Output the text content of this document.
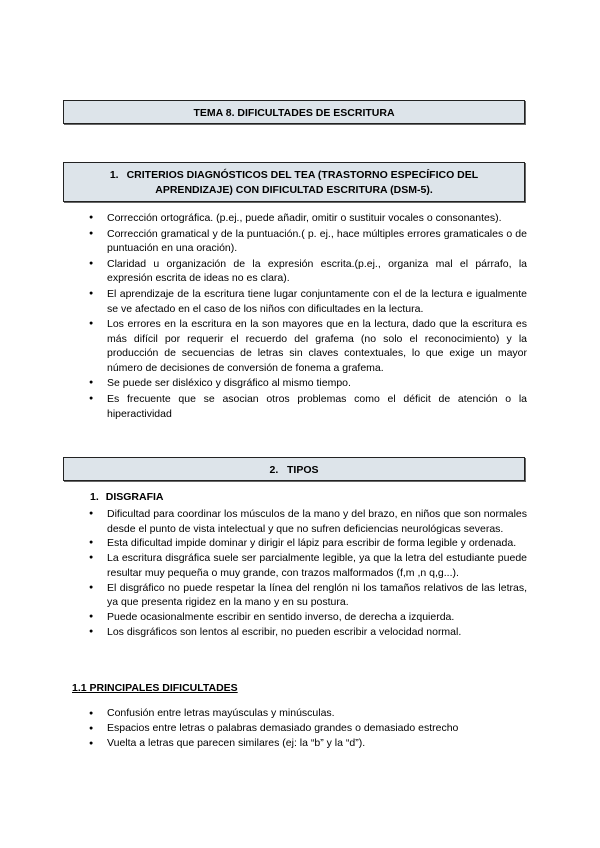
TEMA 8. DIFICULTADES DE ESCRITURA
1. CRITERIOS DIAGNÓSTICOS DEL TEA (TRASTORNO ESPECÍFICO DEL
APRENDIZAJE) CON DIFICULTAD ESCRITURA (DSM-5).
● Corrección ortográfica. (p.ej., puede añadir, omitir o sustituir vocales o consonantes).
● Corrección gramatical y de la puntuación.( p. ej., hace múltiples errores gramaticales o de puntuación en una oración).
● Claridad u organización de la expresión escrita.(p.ej., organiza mal el párrafo, la expresión escrita de ideas no es clara).
● El aprendizaje de la escritura tiene lugar conjuntamente con el de la lectura e igualmente se ve afectado en el caso de los niños con dificultades en la lectura.
● Los errores en la escritura en la son mayores que en la lectura, dado que la escritura es más difícil por requerir el recuerdo del grafema (no solo el reconocimiento) y la producción de secuencias de letras sin claves contextuales, lo que exige un mayor número de decisiones de conversión de fonema a grafema.
● Se puede ser disléxico y disgráfico al mismo tiempo.
● Es frecuente que se asocian otros problemas como el déficit de atención o la hiperactividad
2.   TIPOS
1. DISGRAFIA
● Dificultad para coordinar los músculos de la mano y del brazo, en niños que son normales desde el punto de vista intelectual y que no sufren deficiencias neurológicas severas.
● Esta dificultad impide dominar y dirigir el lápiz para escribir de forma legible y ordenada.
● La escritura disgráfica suele ser parcialmente legible, ya que la letra del estudiante puede resultar muy pequeña o muy grande, con trazos malformados (f,m ,n q,g...).
● El disgráfico no puede respetar la línea del renglón ni los tamaños relativos de las letras, ya que presenta rigidez en la mano y en su postura.
● Puede ocasionalmente escribir en sentido inverso, de derecha a izquierda.
● Los disgráficos son lentos al escribir, no pueden escribir a velocidad normal.
1.1 PRINCIPALES DIFICULTADES
● Confusión entre letras mayúsculas y minúsculas.
● Espacios entre letras o palabras demasiado grandes o demasiado estrecho
● Vuelta a letras que parecen similares (ej: la “b” y la “d”).
